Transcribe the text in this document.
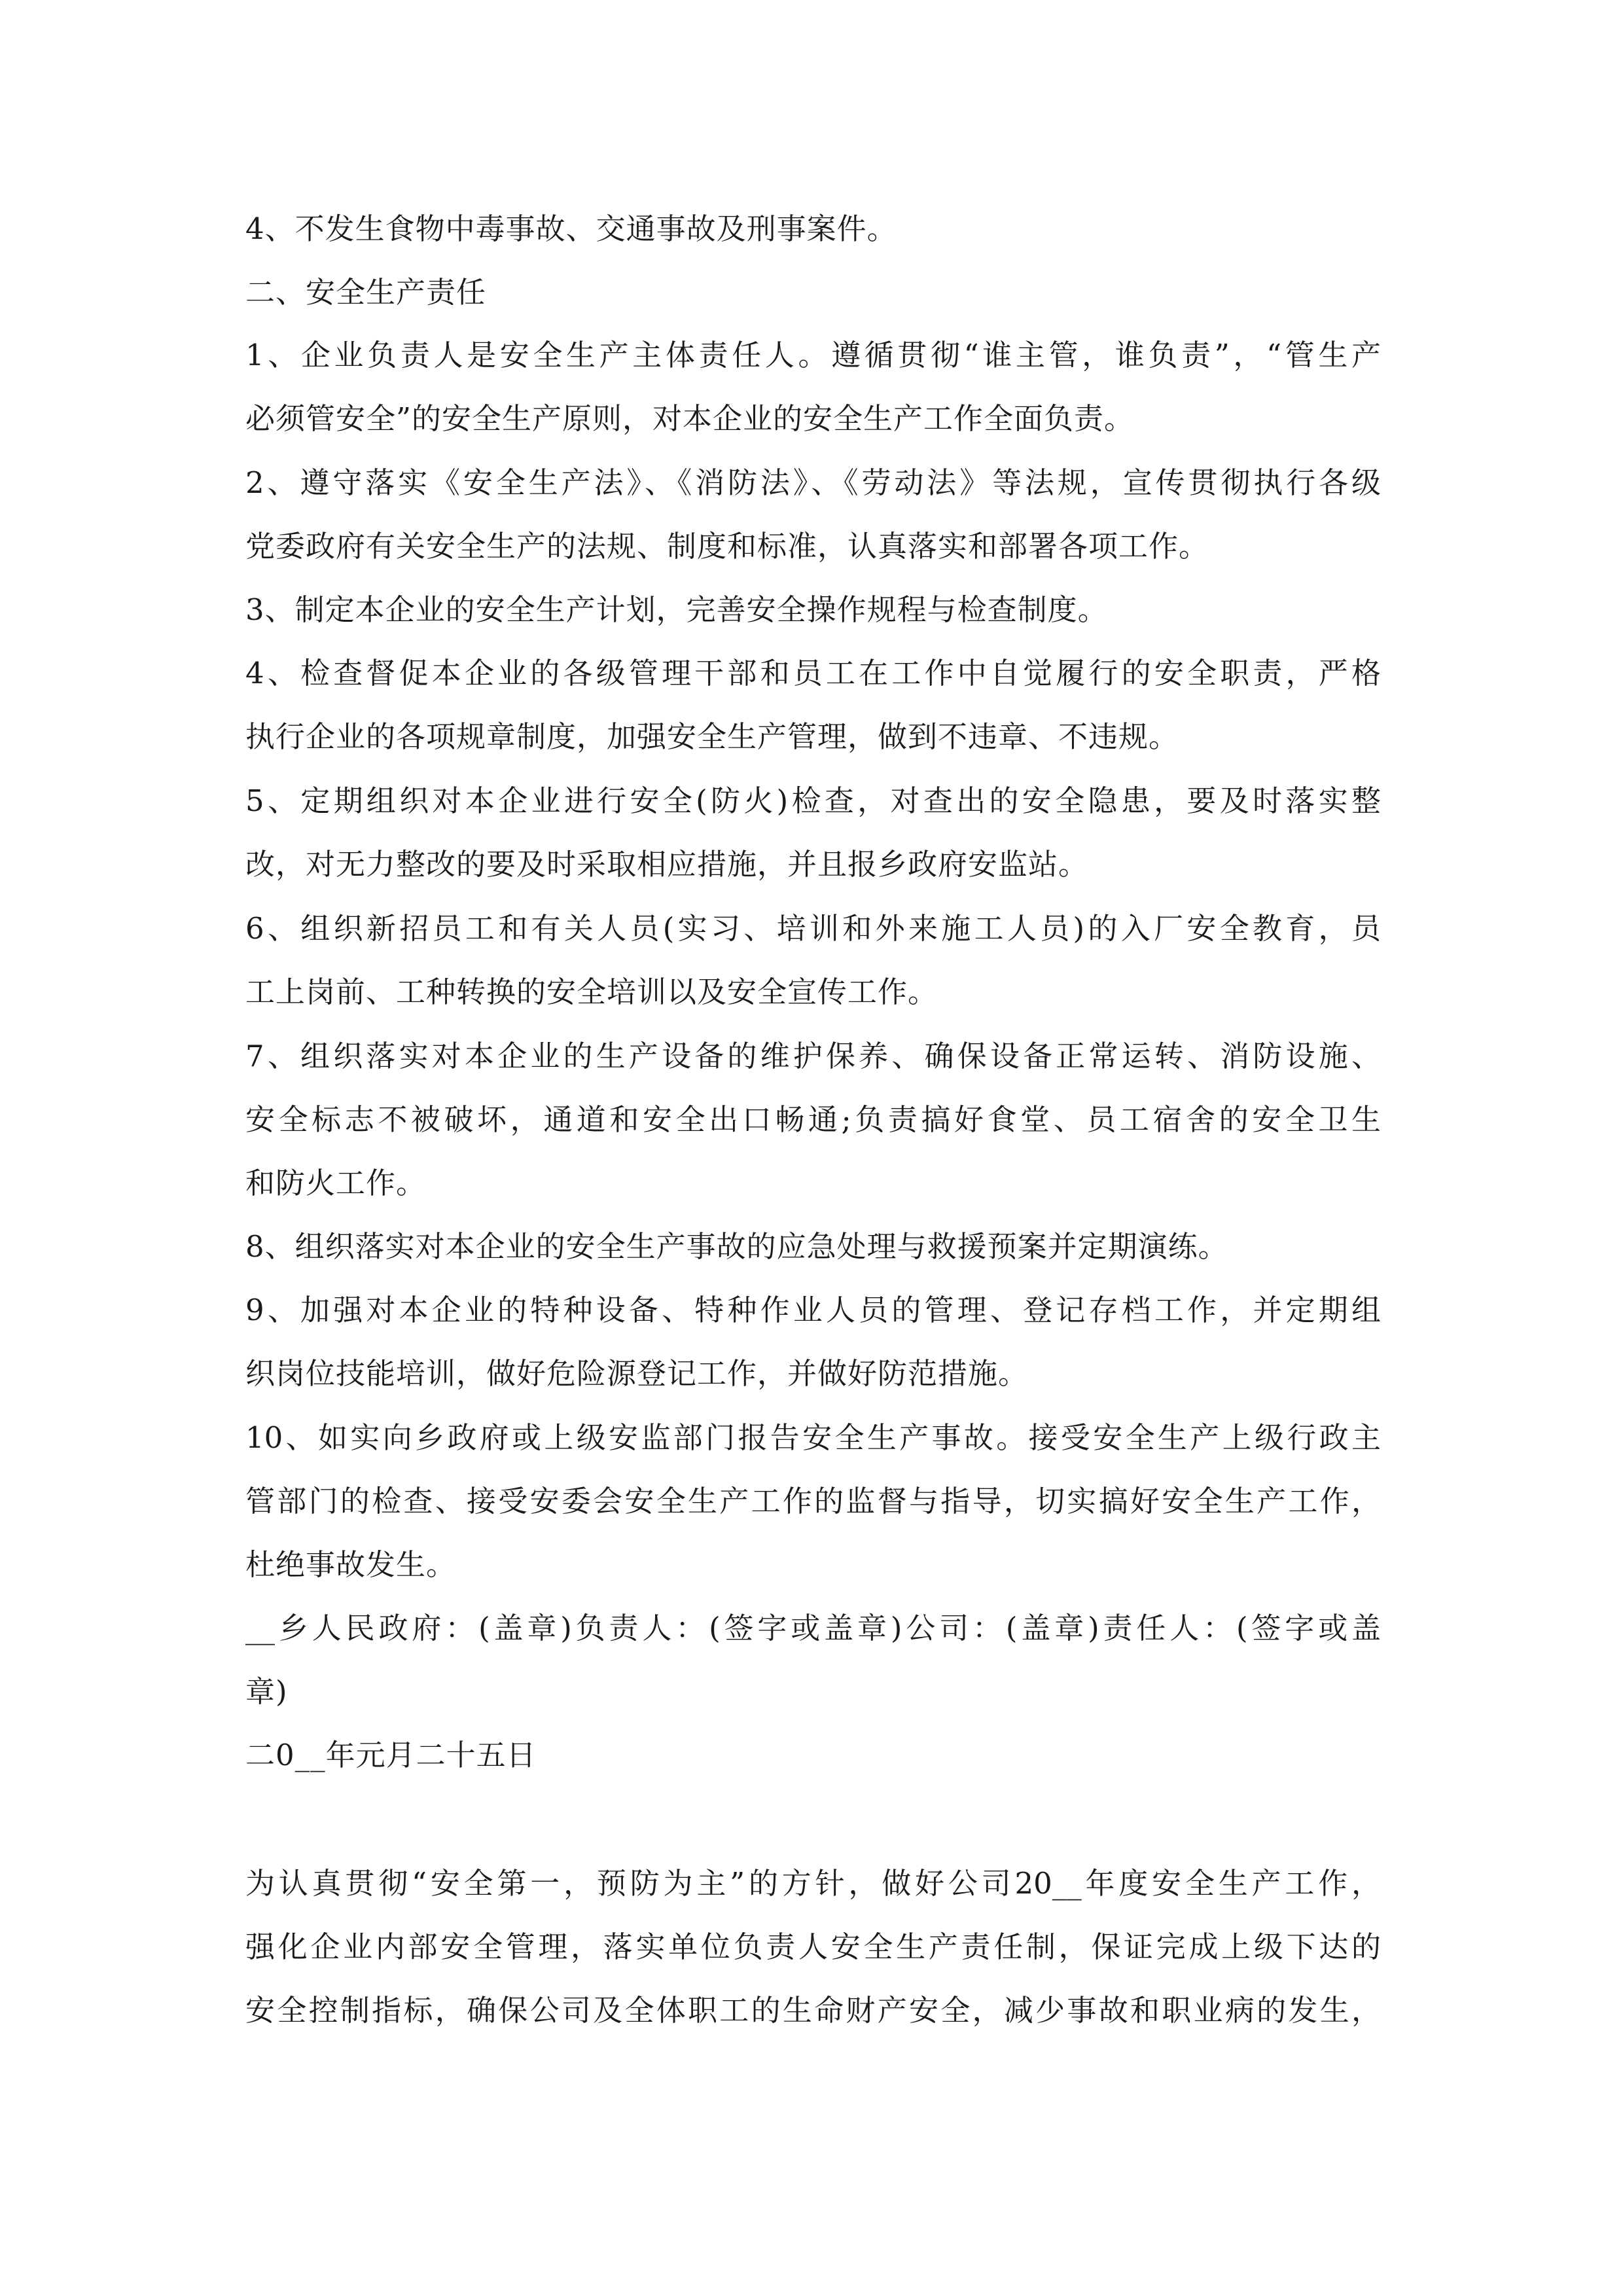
4、不发生食物中毒事故、交通事故及刑事案件。
二、安全生产责任
1、企业负责人是安全生产主体责任人。遵循贯彻“谁主管，谁负责”，“管生产
必须管安全”的安全生产原则，对本企业的安全生产工作全面负责。
2、遵守落实《安全生产法》、《消防法》、《劳动法》等法规，宣传贯彻执行各级
党委政府有关安全生产的法规、制度和标准，认真落实和部署各项工作。
3、制定本企业的安全生产计划，完善安全操作规程与检查制度。
4、检查督促本企业的各级管理干部和员工在工作中自觉履行的安全职责，严格
执行企业的各项规章制度，加强安全生产管理，做到不违章、不违规。
5、定期组织对本企业进行安全(防火)检查，对查出的安全隐患，要及时落实整
改，对无力整改的要及时采取相应措施，并且报乡政府安监站。
6、组织新招员工和有关人员(实习、培训和外来施工人员)的入厂安全教育，员
工上岗前、工种转换的安全培训以及安全宣传工作。
7、组织落实对本企业的生产设备的维护保养、确保设备正常运转、消防设施、
安全标志不被破坏，通道和安全出口畅通;负责搞好食堂、员工宿舍的安全卫生
和防火工作。
8、组织落实对本企业的安全生产事故的应急处理与救援预案并定期演练。
9、加强对本企业的特种设备、特种作业人员的管理、登记存档工作，并定期组
织岗位技能培训，做好危险源登记工作，并做好防范措施。
10、如实向乡政府或上级安监部门报告安全生产事故。接受安全生产上级行政主
管部门的检查、接受安委会安全生产工作的监督与指导，切实搞好安全生产工作，
杜绝事故发生。
__乡人民政府：(盖章)负责人：(签字或盖章)公司：(盖章)责任人：(签字或盖
章)
二0__年元月二十五日
为认真贯彻“安全第一，预防为主”的方针，做好公司20__年度安全生产工作，
强化企业内部安全管理，落实单位负责人安全生产责任制，保证完成上级下达的
安全控制指标，确保公司及全体职工的生命财产安全，减少事故和职业病的发生，
